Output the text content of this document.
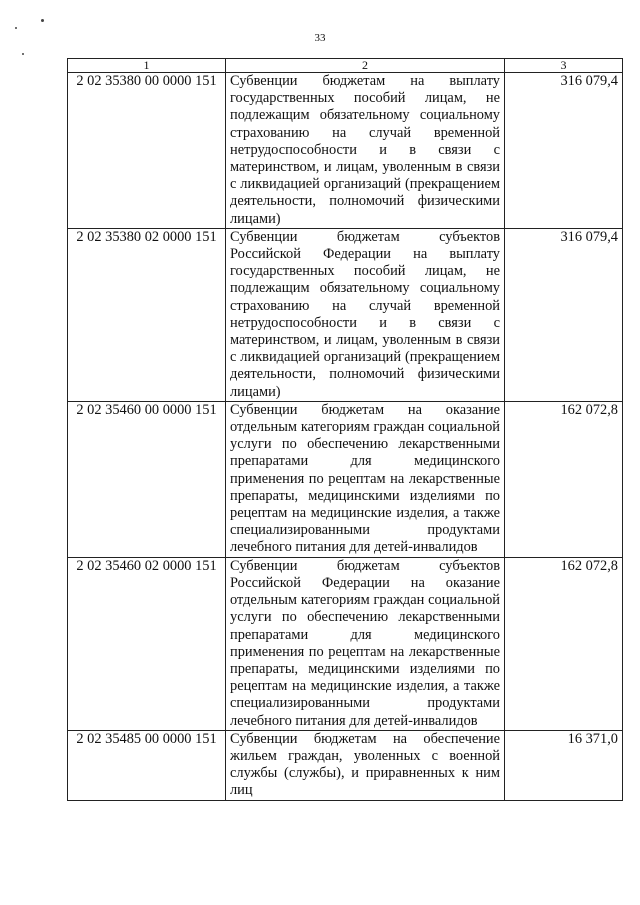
33
1	2	3
2 02 35380 00 0000 151	Субвенции бюджетам на выплату государственных пособий лицам, не подлежащим обязательному социальному страхованию на случай временной нетрудоспособности и в связи с материнством, и лицам, уволенным в связи с ликвидацией организаций (прекращением деятельности, полномочий физическими лицами)	316 079,4
2 02 35380 02 0000 151	Субвенции бюджетам субъектов Российской Федерации на выплату государственных пособий лицам, не подлежащим обязательному социальному страхованию на случай временной нетрудоспособности и в связи с материнством, и лицам, уволенным в связи с ликвидацией организаций (прекращением деятельности, полномочий физическими лицами)	316 079,4
2 02 35460 00 0000 151	Субвенции бюджетам на оказание отдельным категориям граждан социальной услуги по обеспечению лекарственными препаратами для медицинского применения по рецептам на лекарственные препараты, медицинскими изделиями по рецептам на медицинские изделия, а также специализированными продуктами лечебного питания для детей-инвалидов	162 072,8
2 02 35460 02 0000 151	Субвенции бюджетам субъектов Российской Федерации на оказание отдельным категориям граждан социальной услуги по обеспечению лекарственными препаратами для медицинского применения по рецептам на лекарственные препараты, медицинскими изделиями по рецептам на медицинские изделия, а также специализированными продуктами лечебного питания для детей-инвалидов	162 072,8
2 02 35485 00 0000 151	Субвенции бюджетам на обеспечение жильем граждан, уволенных с военной службы (службы), и приравненных к ним лиц	16 371,0
